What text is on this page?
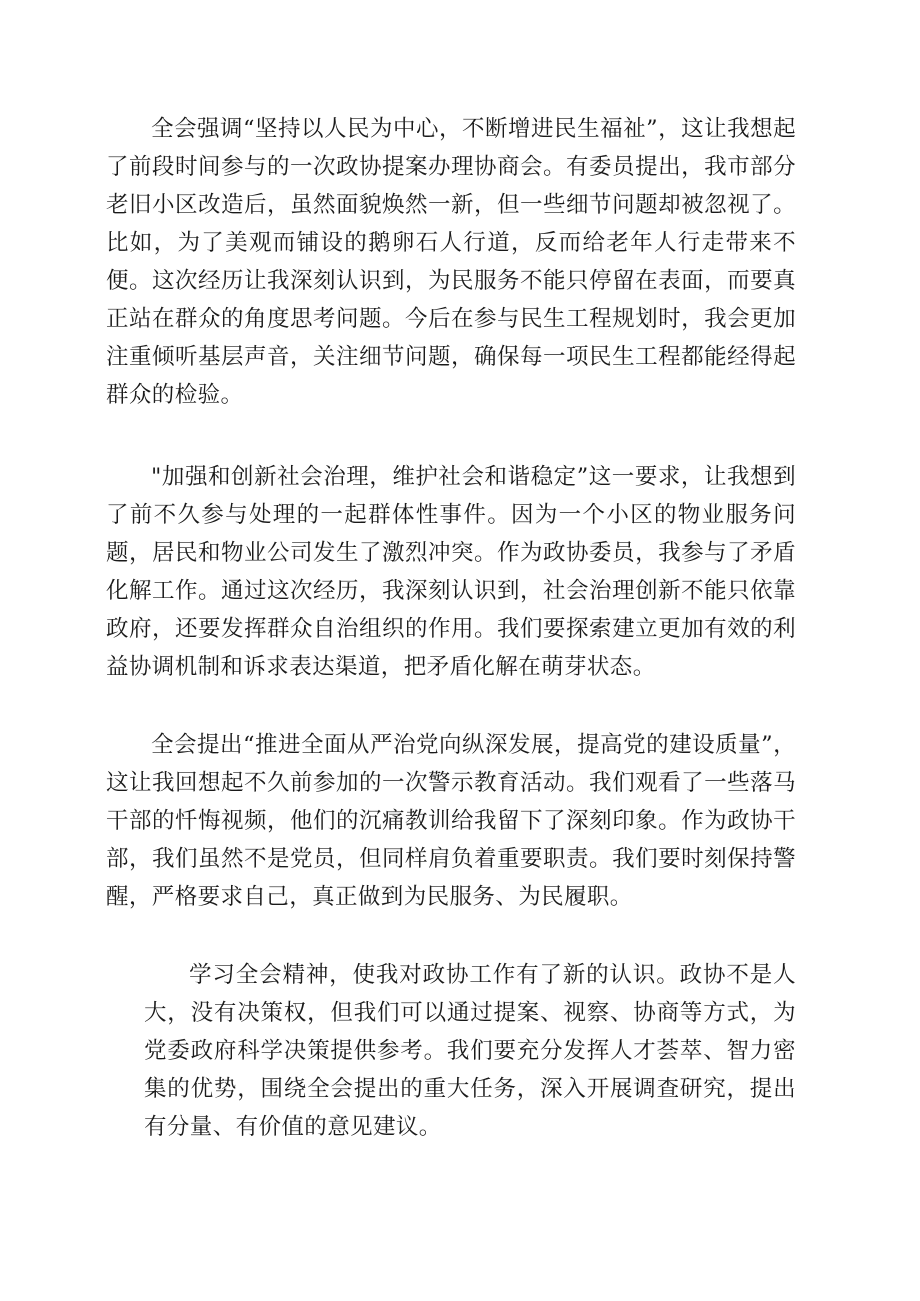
全会强调“坚持以人民为中心，不断增进民生福祉”，这让我想起了前段时间参与的一次政协提案办理协商会。有委员提出，我市部分老旧小区改造后，虽然面貌焕然一新，但一些细节问题却被忽视了。比如，为了美观而铺设的鹅卵石人行道，反而给老年人行走带来不便。这次经历让我深刻认识到，为民服务不能只停留在表面，而要真正站在群众的角度思考问题。今后在参与民生工程规划时，我会更加注重倾听基层声音，关注细节问题，确保每一项民生工程都能经得起群众的检验。

"加强和创新社会治理，维护社会和谐稳定”这一要求，让我想到了前不久参与处理的一起群体性事件。因为一个小区的物业服务问题，居民和物业公司发生了激烈冲突。作为政协委员，我参与了矛盾化解工作。通过这次经历，我深刻认识到，社会治理创新不能只依靠政府，还要发挥群众自治组织的作用。我们要探索建立更加有效的利益协调机制和诉求表达渠道，把矛盾化解在萌芽状态。

全会提出“推进全面从严治党向纵深发展，提高党的建设质量”，这让我回想起不久前参加的一次警示教育活动。我们观看了一些落马干部的忏悔视频，他们的沉痛教训给我留下了深刻印象。作为政协干部，我们虽然不是党员，但同样肩负着重要职责。我们要时刻保持警醒，严格要求自己，真正做到为民服务、为民履职。

学习全会精神，使我对政协工作有了新的认识。政协不是人大，没有决策权，但我们可以通过提案、视察、协商等方式，为党委政府科学决策提供参考。我们要充分发挥人才荟萃、智力密集的优势，围绕全会提出的重大任务，深入开展调查研究，提出有分量、有价值的意见建议。
